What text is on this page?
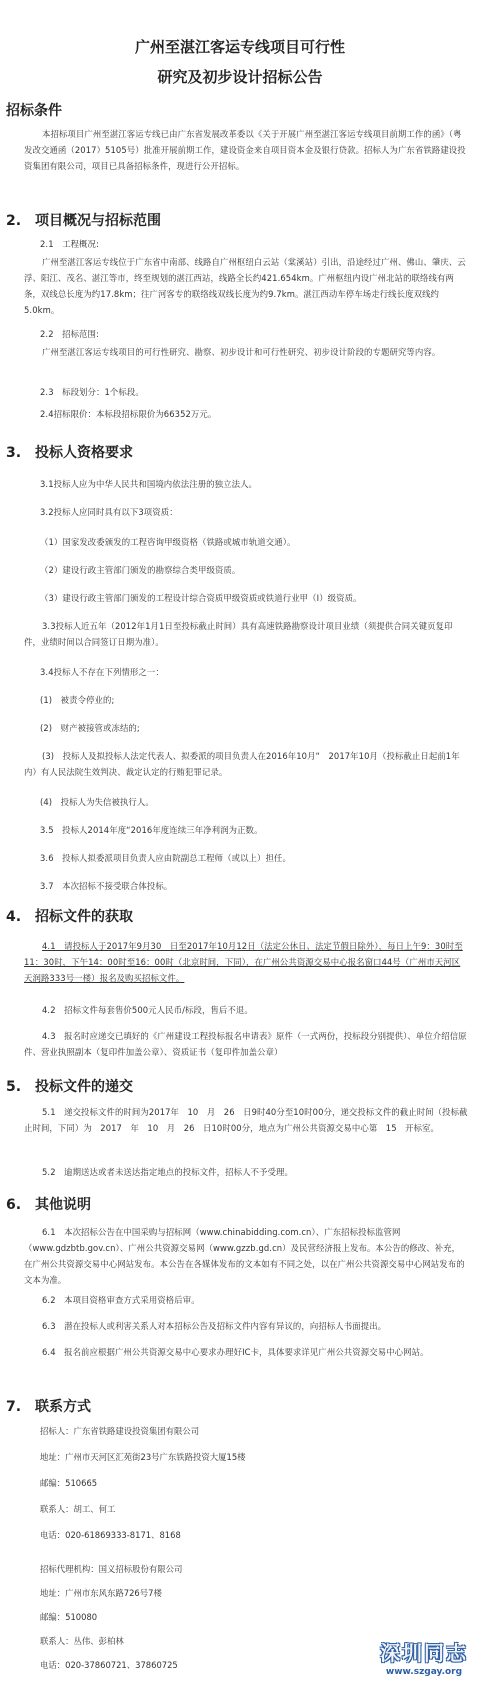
广州至湛江客运专线项目可行性
研究及初步设计招标公告
招标条件

本招标项目广州至湛江客运专线已由广东省发展改革委以《关于开展广州至湛江客运专线项目前期工作的函》（粤发改交通函（2017）5105号）批准开展前期工作，建设资金来自项目资本金及银行贷款。招标人为广东省铁路建设投资集团有限公司，项目已具备招标条件，现进行公开招标。

2.　项目概况与招标范围

2.1　工程概况:

广州至湛江客运专线位于广东省中南部、线路自广州枢纽白云站（棠溪站）引出，沿途经过广州、佛山、肇庆、云浮、阳江、茂名、湛江等市，终至规划的湛江西站，线路全长约421.654km。广州枢纽内设广州北站的联络线有两条，双线总长度为约17.8km；往广河客专的联络线双线长度为约9.7km。湛江西动车停车场走行线长度双线约5.0km。

2.2　招标范围:

广州至湛江客运专线项目的可行性研究、勘察、初步设计和可行性研究、初步设计阶段的专题研究等内容。

2.3　标段划分：1个标段。

2.4招标限价：本标段招标限价为66352万元。

3.　投标人资格要求

3.1投标人应为中华人民共和国境内依法注册的独立法人。

3.2投标人应同时具有以下3项资质：

（1）国家发改委颁发的工程咨询甲级资格（铁路或城市轨道交通）。

（2）建设行政主管部门颁发的勘察综合类甲级资质。

（3）建设行政主管部门颁发的工程设计综合资质甲级资质或铁道行业甲（Ⅰ）级资质。

3.3投标人近五年（2012年1月1日至投标截止时间）具有高速铁路勘察设计项目业绩（须提供合同关键页复印件，业绩时间以合同签订日期为准）。

3.4投标人不存在下列情形之一：

(1)　被责令停业的;

(2)　财产被接管或冻结的;

(3)　投标人及拟投标人法定代表人、拟委派的项目负责人在2016年10月“　2017年10月（投标截止日起前1年内）有人民法院生效判决、裁定认定的行贿犯罪记录。

(4)　投标人为失信被执行人。

3.5　投标人2014年度“2016年度连续三年净利润为正数。

3.6　投标人拟委派项目负责人应由院副总工程师（或以上）担任。

3.7　本次招标不接受联合体投标。

4.　招标文件的获取

4.1　请投标人于2017年9月30　日至2017年10月12日（法定公休日、法定节假日除外），每日上午9：30时至11：30时，下午14：00时至16：00时（北京时间，下同），在广州公共资源交易中心报名窗口44号（广州市天河区天润路333号一楼）报名及购买招标文件。

4.2　招标文件每套售价500元人民币/标段，售后不退。

4.3　报名时应递交已填好的《广州建设工程投标报名申请表》原件（一式两份，投标段分别提供）、单位介绍信原件、营业执照副本（复印件加盖公章）、资质证书（复印件加盖公章）

5.　投标文件的递交

5.1　递交投标文件的时间为2017年　10　月　26　日9时40分至10时00分，递交投标文件的截止时间（投标截止时间，下同）为　2017　年　10　月　26　日10时00分，地点为广州公共资源交易中心第　15　开标室。

5.2　逾期送达或者未送达指定地点的投标文件，招标人不予受理。

6.　其他说明

6.1　本次招标公告在中国采购与招标网（www.chinabidding.com.cn）、广东招标投标监管网（www.gdzbtb.gov.cn）、广州公共资源交易网（www.gzzb.gd.cn）及民营经济报上发布。本公告的修改、补充，在广州公共资源交易中心网站发布。本公告在各媒体发布的文本如有不同之处，以在广州公共资源交易中心网站发布的文本为准。

6.2　本项目资格审查方式采用资格后审。

6.3　潜在投标人或利害关系人对本招标公告及招标文件内容有异议的，向招标人书面提出。

6.4　报名前应根据广州公共资源交易中心要求办理好IC卡，具体要求详见广州公共资源交易中心网站。

7.　联系方式

招标人：广东省铁路建设投资集团有限公司

地址：广州市天河区汇苑街23号广东铁路投资大厦15楼

邮编：510665

联系人：胡工、何工

电话：020-61869333-8171、8168

招标代理机构：国义招标股份有限公司

地址：广州市东风东路726号7楼

邮编：510080

联系人：丛伟、彭柏林

电话：020-37860721、37860725	深圳同志
www.szgay.org
